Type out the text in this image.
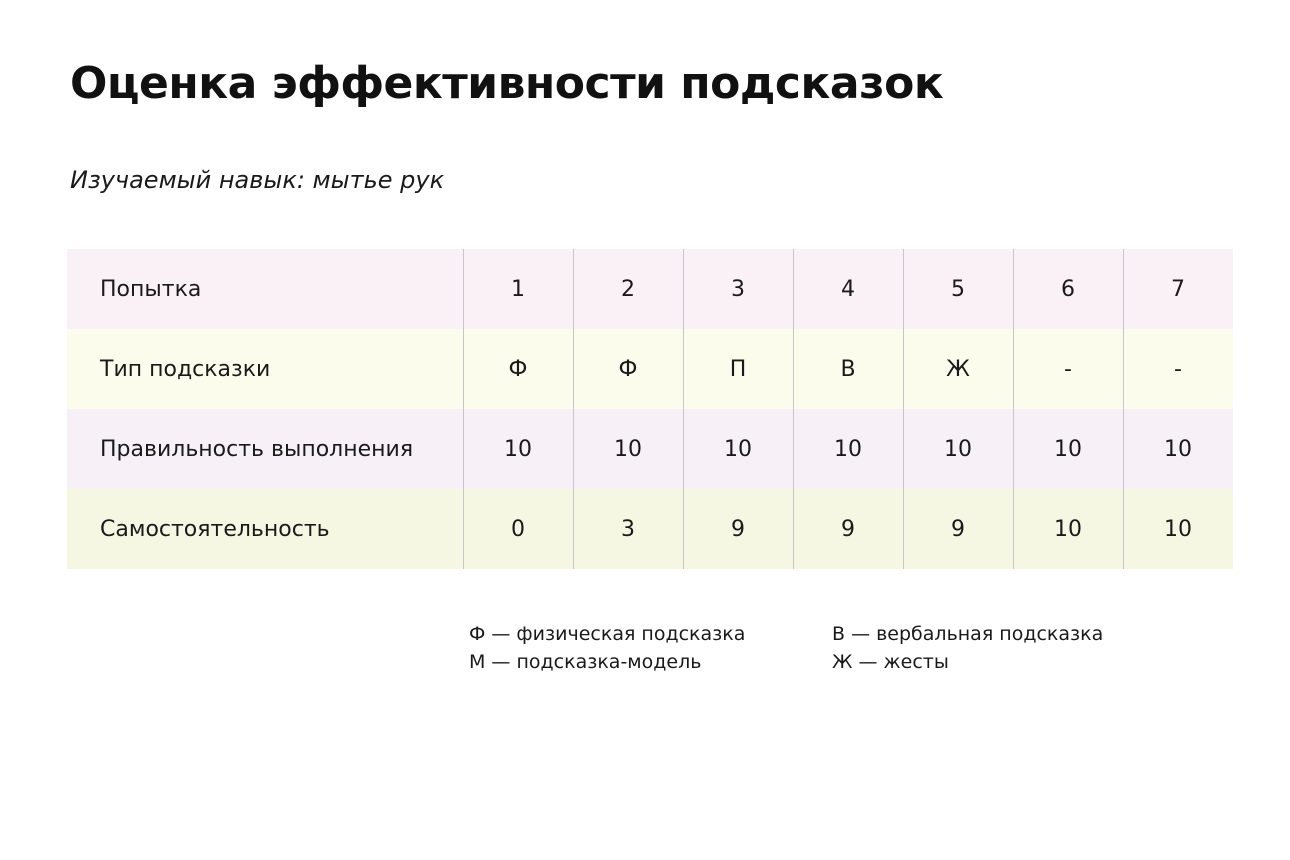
Оценка эффективности подсказок

Изучаемый навык: мытье рук

Попытка	1	2	3	4	5	6	7
Тип подсказки	Ф	Ф	П	В	Ж	-	-
Правильность выполнения	10	10	10	10	10	10	10
Самостоятельность	0	3	9	9	9	10	10
Ф — физическая подсказка
М — подсказка-модель
В — вербальная подсказка
Ж — жесты
